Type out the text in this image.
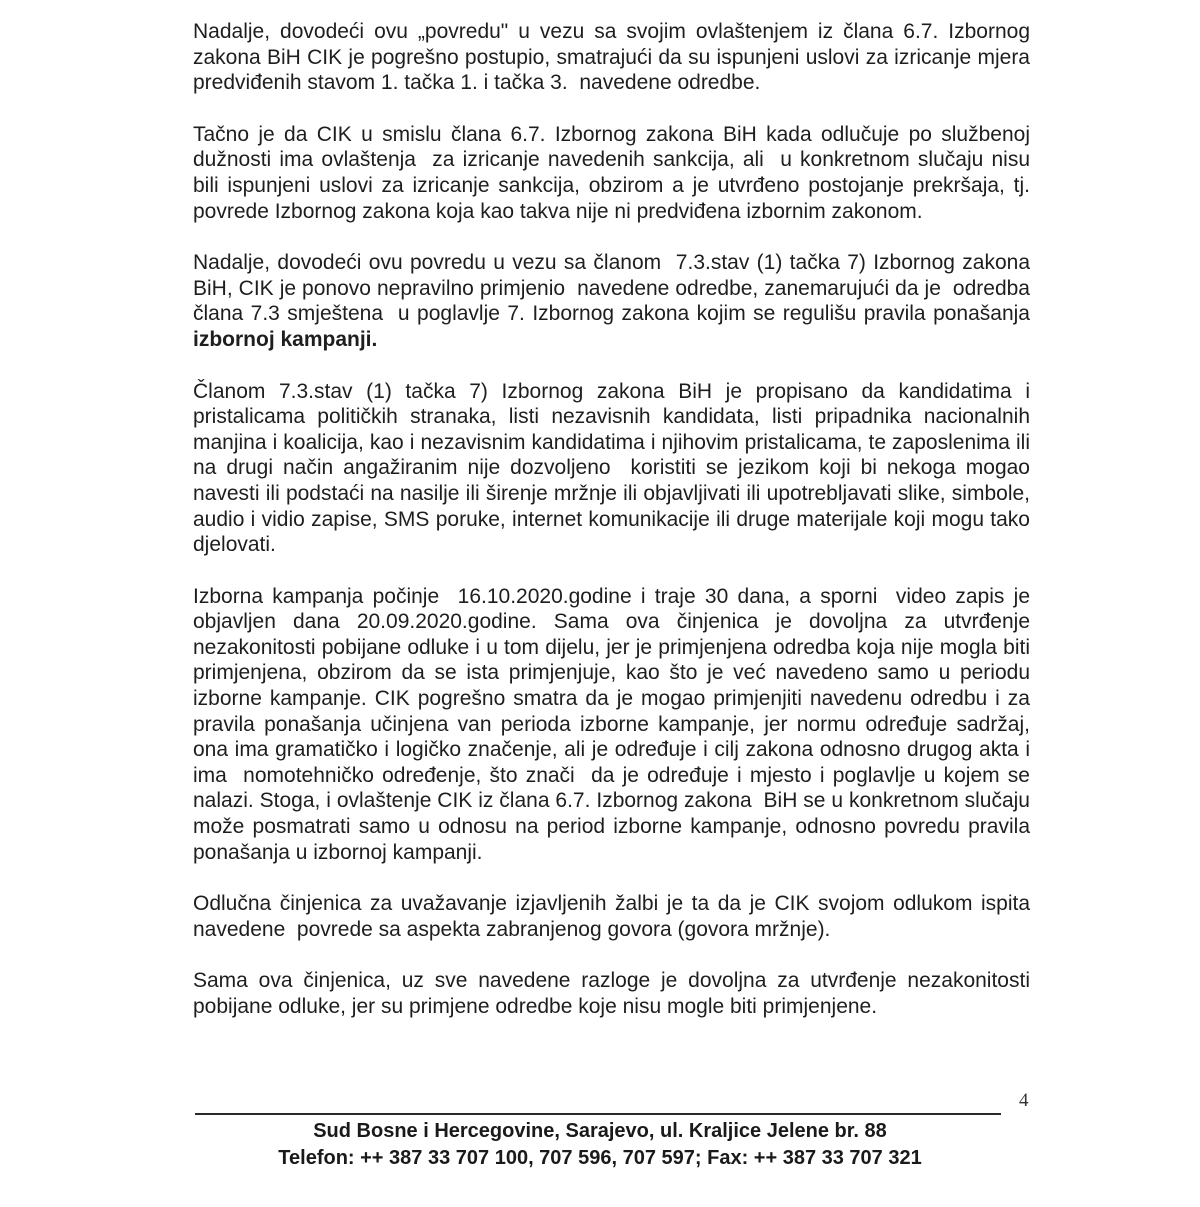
Nadalje, dovodeći ovu „povredu" u vezu sa svojim ovlaštenjem iz člana 6.7. Izbornog zakona BiH CIK je pogrešno postupio, smatrajući da su ispunjeni uslovi za izricanje mjera predviđenih stavom 1. tačka 1. i tačka 3.  navedene odredbe.

Tačno je da CIK u smislu člana 6.7. Izbornog zakona BiH kada odlučuje po službenoj dužnosti ima ovlaštenja  za izricanje navedenih sankcija, ali  u konkretnom slučaju nisu  bili ispunjeni uslovi za izricanje sankcija, obzirom a je utvrđeno postojanje prekršaja, tj. povrede Izbornog zakona koja kao takva nije ni predviđena izbornim zakonom.

Nadalje, dovodeći ovu povredu u vezu sa članom  7.3.stav (1) tačka 7) Izbornog zakona BiH, CIK je ponovo nepravilno primjenio  navedene odredbe, zanemarujući da je  odredba člana 7.3 smještena  u poglavlje 7. Izbornog zakona kojim se regulišu pravila ponašanja izbornoj kampanji.

Članom 7.3.stav (1) tačka 7) Izbornog zakona BiH je propisano da kandidatima i pristalicama političkih stranaka, listi nezavisnih kandidata, listi pripadnika nacionalnih manjina i koalicija, kao i nezavisnim kandidatima i njihovim pristalicama, te zaposlenima ili na drugi način angažiranim nije dozvoljeno  koristiti se jezikom koji bi nekoga mogao navesti ili podstaći na nasilje ili širenje mržnje ili objavljivati ili upotrebljavati slike, simbole, audio i vidio zapise, SMS poruke, internet komunikacije ili druge materijale koji mogu tako djelovati.

Izborna kampanja počinje  16.10.2020.godine i traje 30 dana, a sporni  video zapis je objavljen dana 20.09.2020.godine. Sama ova činjenica je dovoljna za utvrđenje nezakonitosti pobijane odluke i u tom dijelu, jer je primjenjena odredba koja nije mogla biti primjenjena, obzirom da se ista primjenjuje, kao što je već navedeno samo u periodu izborne kampanje. CIK pogrešno smatra da je mogao primjenjiti navedenu odredbu i za pravila ponašanja učinjena van perioda izborne kampanje, jer normu određuje sadržaj, ona ima gramatičko i logičko značenje, ali je određuje i cilj zakona odnosno drugog akta i ima  nomotehničko određenje, što znači  da je određuje i mjesto i poglavlje u kojem se nalazi. Stoga, i ovlaštenje CIK iz člana 6.7. Izbornog zakona  BiH se u konkretnom slučaju  može posmatrati samo u odnosu na period izborne kampanje, odnosno povredu pravila ponašanja u izbornoj kampanji.

Odlučna činjenica za uvažavanje izjavljenih žalbi je ta da je CIK svojom odlukom ispita navedene  povrede sa aspekta zabranjenog govora (govora mržnje).

Sama ova činjenica, uz sve navedene razloge je dovoljna za utvrđenje nezakonitosti pobijane odluke, jer su primjene odredbe koje nisu mogle biti primjenjene.

4
Sud Bosne i Hercegovine, Sarajevo, ul. Kraljice Jelene br. 88
Telefon: ++ 387 33 707 100, 707 596, 707 597; Fax: ++ 387 33 707 321
